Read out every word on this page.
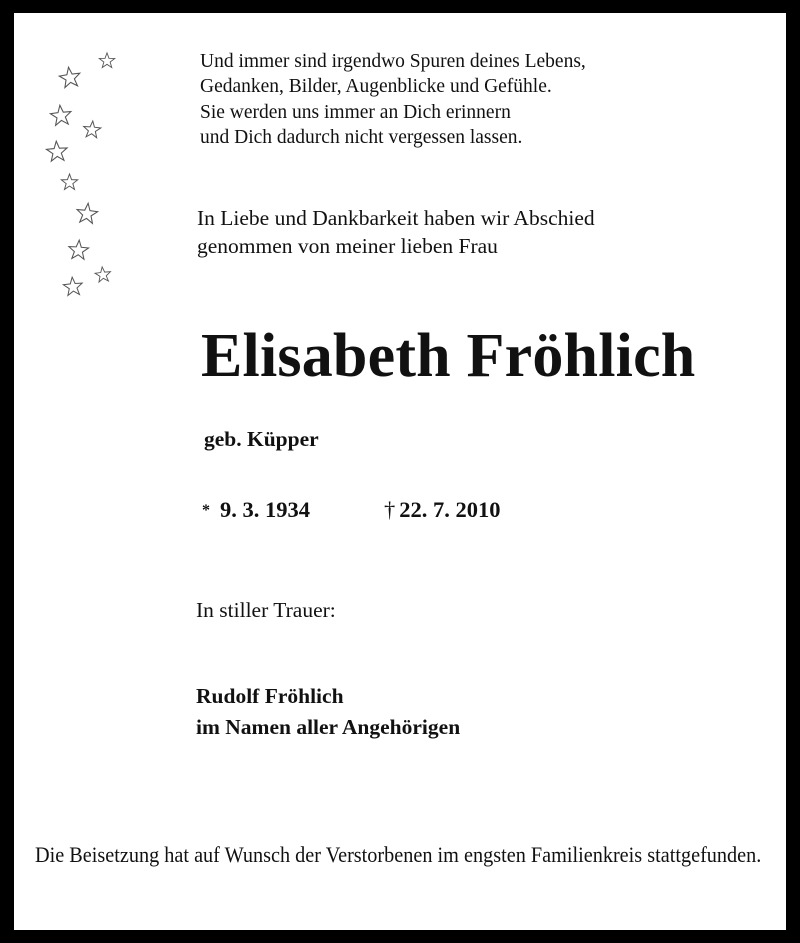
Und immer sind irgendwo Spuren deines Lebens,
Gedanken, Bilder, Augenblicke und Gefühle.
Sie werden uns immer an Dich erinnern
und Dich dadurch nicht vergessen lassen.
In Liebe und Dankbarkeit haben wir Abschied
genommen von meiner lieben Frau
Elisabeth Fröhlich
geb. Küpper
* 9. 3. 1934	† 22. 7. 2010
In stiller Trauer:
Rudolf Fröhlich
im Namen aller Angehörigen
Die Beisetzung hat auf Wunsch der Verstorbenen im engsten Familienkreis stattgefunden.
